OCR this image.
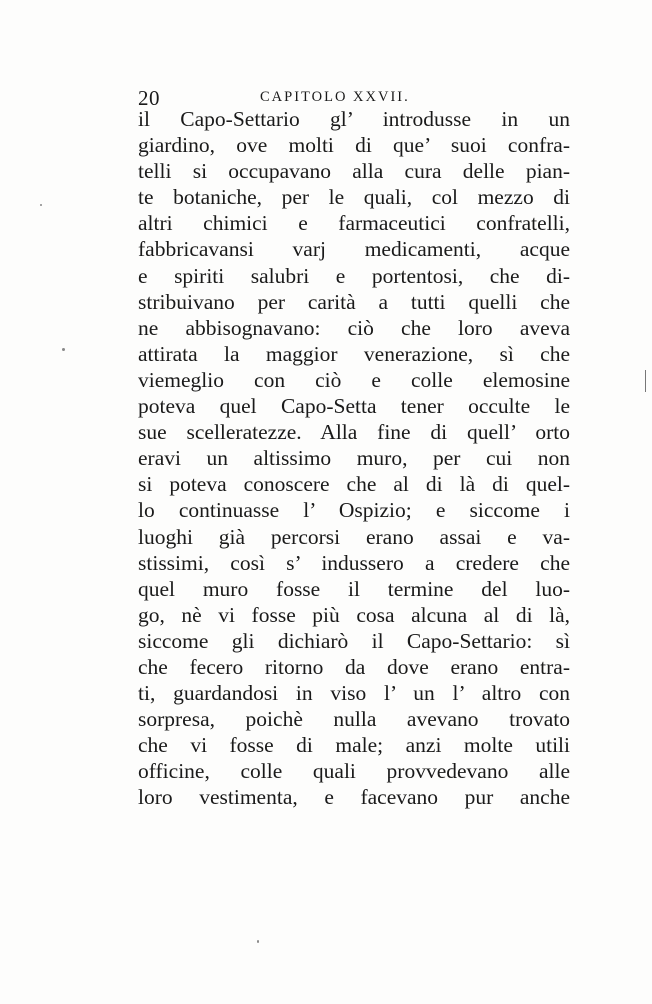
20	CAPITOLO XXVII.
il Capo-Settario gl’ introdusse in un
giardino, ove molti di que’ suoi confra-
telli si occupavano alla cura delle pian-
te botaniche, per le quali, col mezzo di
altri chimici e farmaceutici confratelli,
fabbricavansi varj medicamenti, acque
e spiriti salubri e portentosi, che di-
stribuivano per carità a tutti quelli che
ne abbisognavano: ciò che loro aveva
attirata la maggior venerazione, sì che
viemeglio con ciò e colle elemosine
poteva quel Capo-Setta tener occulte le
sue scelleratezze. Alla fine di quell’ orto
eravi un altissimo muro, per cui non
si poteva conoscere che al di là di quel-
lo continuasse l’ Ospizio; e siccome i
luoghi già percorsi erano assai e va-
stissimi, così s’ indussero a credere che
quel muro fosse il termine del luo-
go, nè vi fosse più cosa alcuna al di là,
siccome gli dichiarò il Capo-Settario: sì
che fecero ritorno da dove erano entra-
ti, guardandosi in viso l’ un l’ altro con
sorpresa, poichè nulla avevano trovato
che vi fosse di male; anzi molte utili
officine, colle quali provvedevano alle
loro vestimenta, e facevano pur anche
